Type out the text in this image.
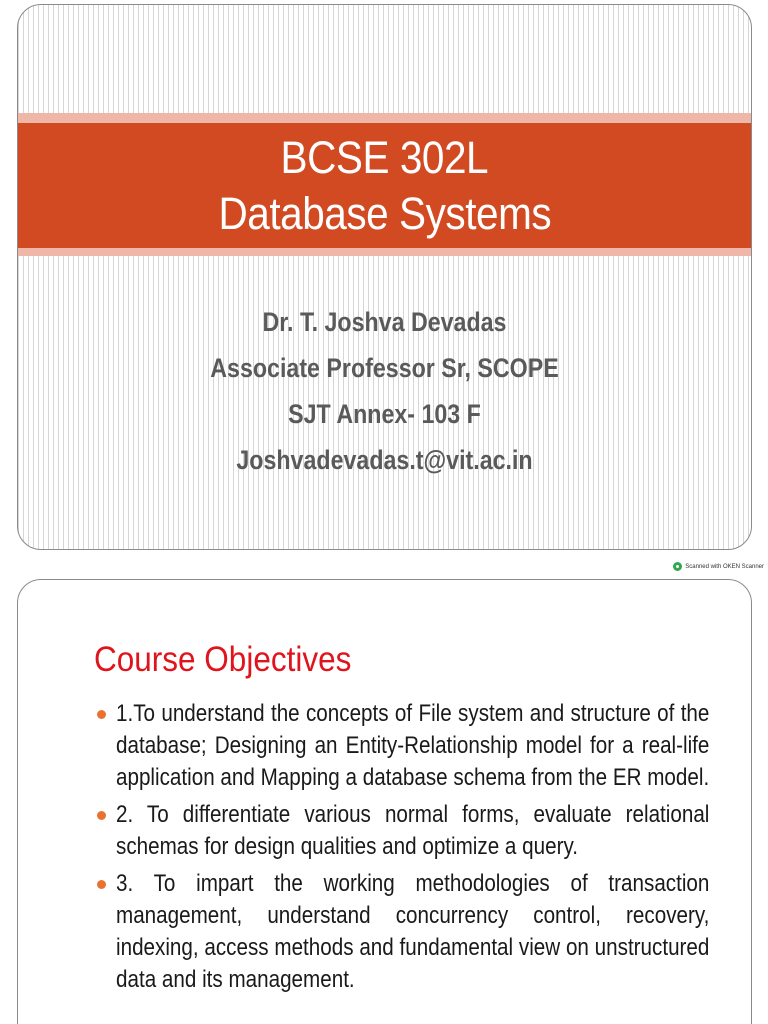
BCSE 302L
Database Systems
Dr. T. Joshva Devadas
Associate Professor Sr, SCOPE
SJT Annex- 103 F
Joshvadevadas.t@vit.ac.in
Scanned with OKEN Scanner
Course Objectives
1.To understand the concepts of File system and structure of the database; Designing an Entity-Relationship model for a real-life application and Mapping a database schema from the ER model.
2. To differentiate various normal forms, evaluate relational schemas for design qualities and optimize a query.
3. To impart the working methodologies of transaction management, understand concurrency control, recovery, indexing, access methods and fundamental view on unstructured data and its management.
